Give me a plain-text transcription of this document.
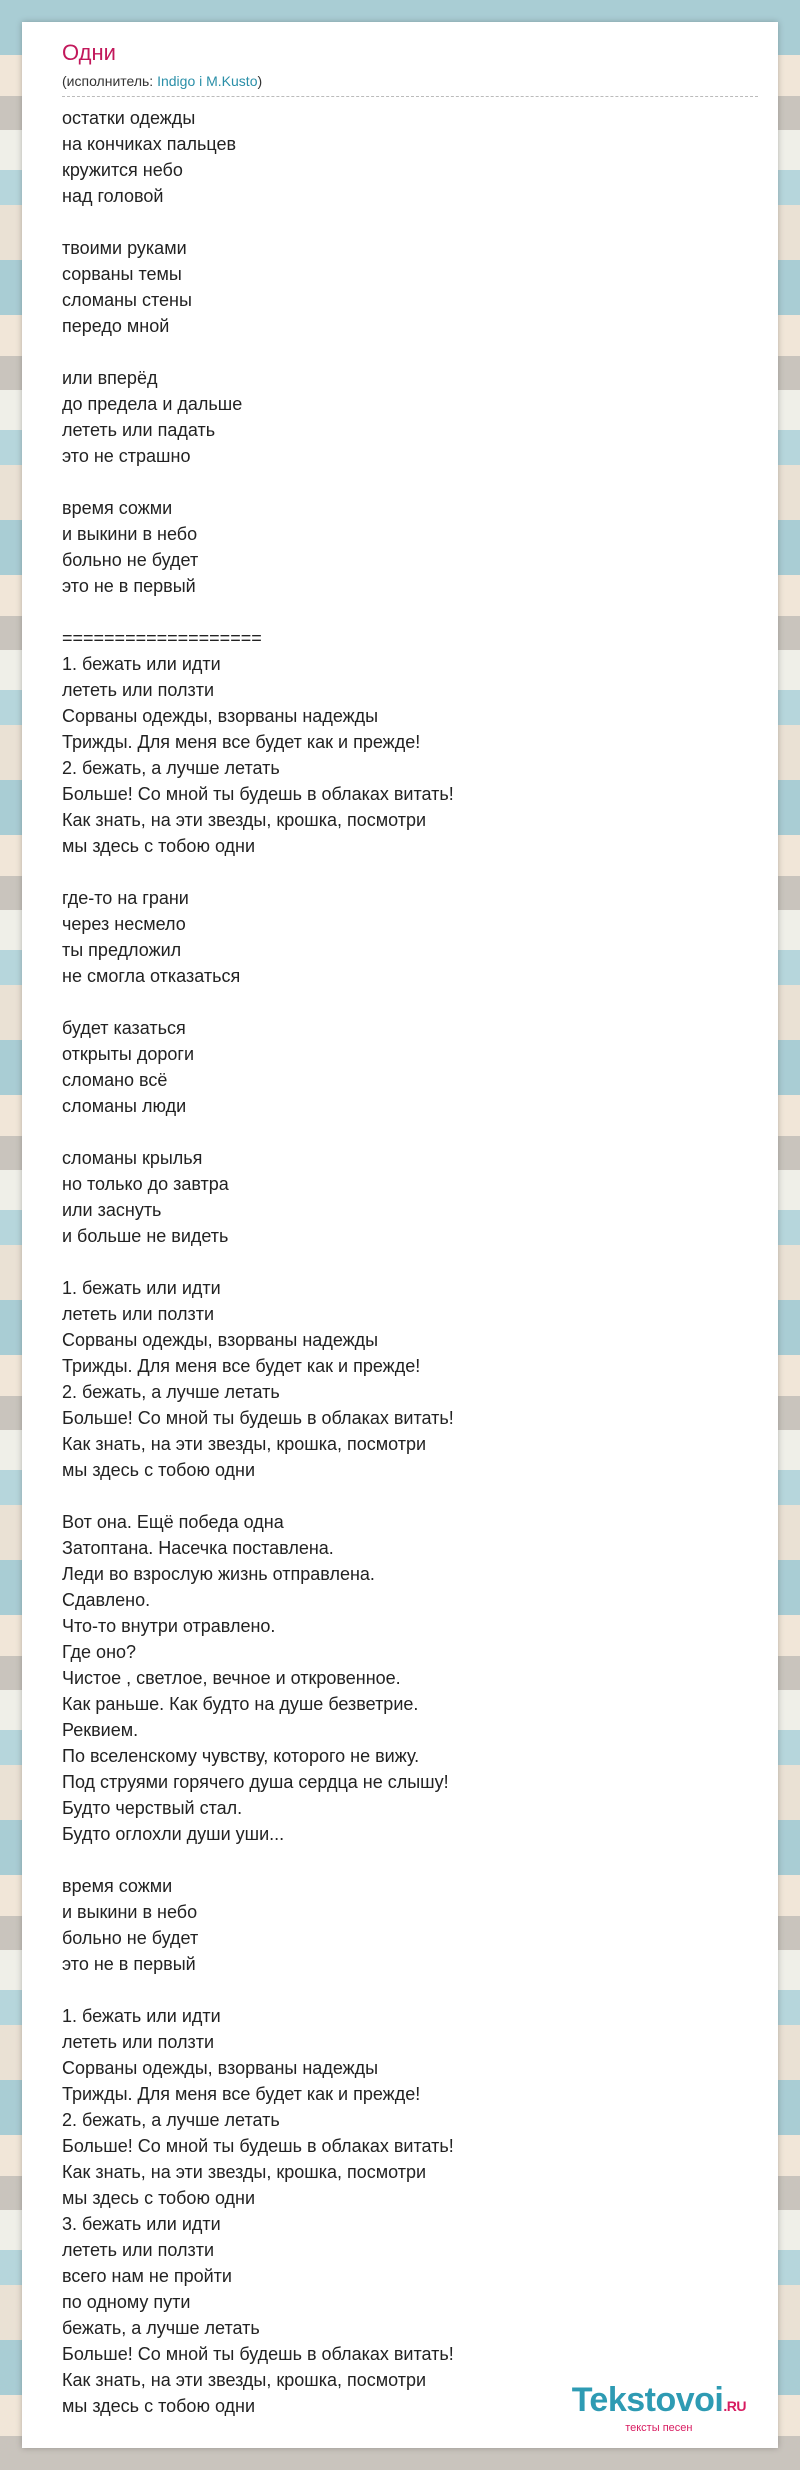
Одни
(исполнитель: Indigo i M.Kusto)
остатки одежды
на кончиках пальцев
кружится небо
над головой
твоими руками
сорваны темы
сломаны стены
передо мной
или вперёд
до предела и дальше
лететь или падать
это не страшно
время сожми
и выкини в небо
больно не будет
это не в первый
===================
1. бежать или идти
лететь или ползти
Сорваны одежды, взорваны надежды
Трижды. Для меня все будет как и прежде!
2. бежать, а лучше летать
Больше! Со мной ты будешь в облаках витать!
Как знать, на эти звезды, крошка, посмотри
мы здесь с тобою одни
где-то на грани
через несмело
ты предложил
не смогла отказаться
будет казаться
открыты дороги
сломано всё
сломаны люди
сломаны крылья
но только до завтра
или заснуть
и больше не видеть
1. бежать или идти
лететь или ползти
Сорваны одежды, взорваны надежды
Трижды. Для меня все будет как и прежде!
2. бежать, а лучше летать
Больше! Со мной ты будешь в облаках витать!
Как знать, на эти звезды, крошка, посмотри
мы здесь с тобою одни
Вот она. Ещё победа одна
Затоптана. Насечка поставлена.
Леди во взрослую жизнь отправлена.
Сдавлено.
Что-то внутри отравлено.
Где оно?
Чистое , светлое, вечное и откровенное.
Как раньше. Как будто на душе безветрие.
Реквием.
По вселенскому чувству, которого не вижу.
Под струями горячего душа сердца не слышу!
Будто черствый стал.
Будто оглохли души уши...
время сожми
и выкини в небо
больно не будет
это не в первый
1. бежать или идти
лететь или ползти
Сорваны одежды, взорваны надежды
Трижды. Для меня все будет как и прежде!
2. бежать, а лучше летать
Больше! Со мной ты будешь в облаках витать!
Как знать, на эти звезды, крошка, посмотри
мы здесь с тобою одни
3. бежать или идти
лететь или ползти
всего нам не пройти
по одному пути
бежать, а лучше летать
Больше! Со мной ты будешь в облаках витать!
Как знать, на эти звезды, крошка, посмотри
мы здесь с тобою одни	Tekstovoi.RU
тексты песен
